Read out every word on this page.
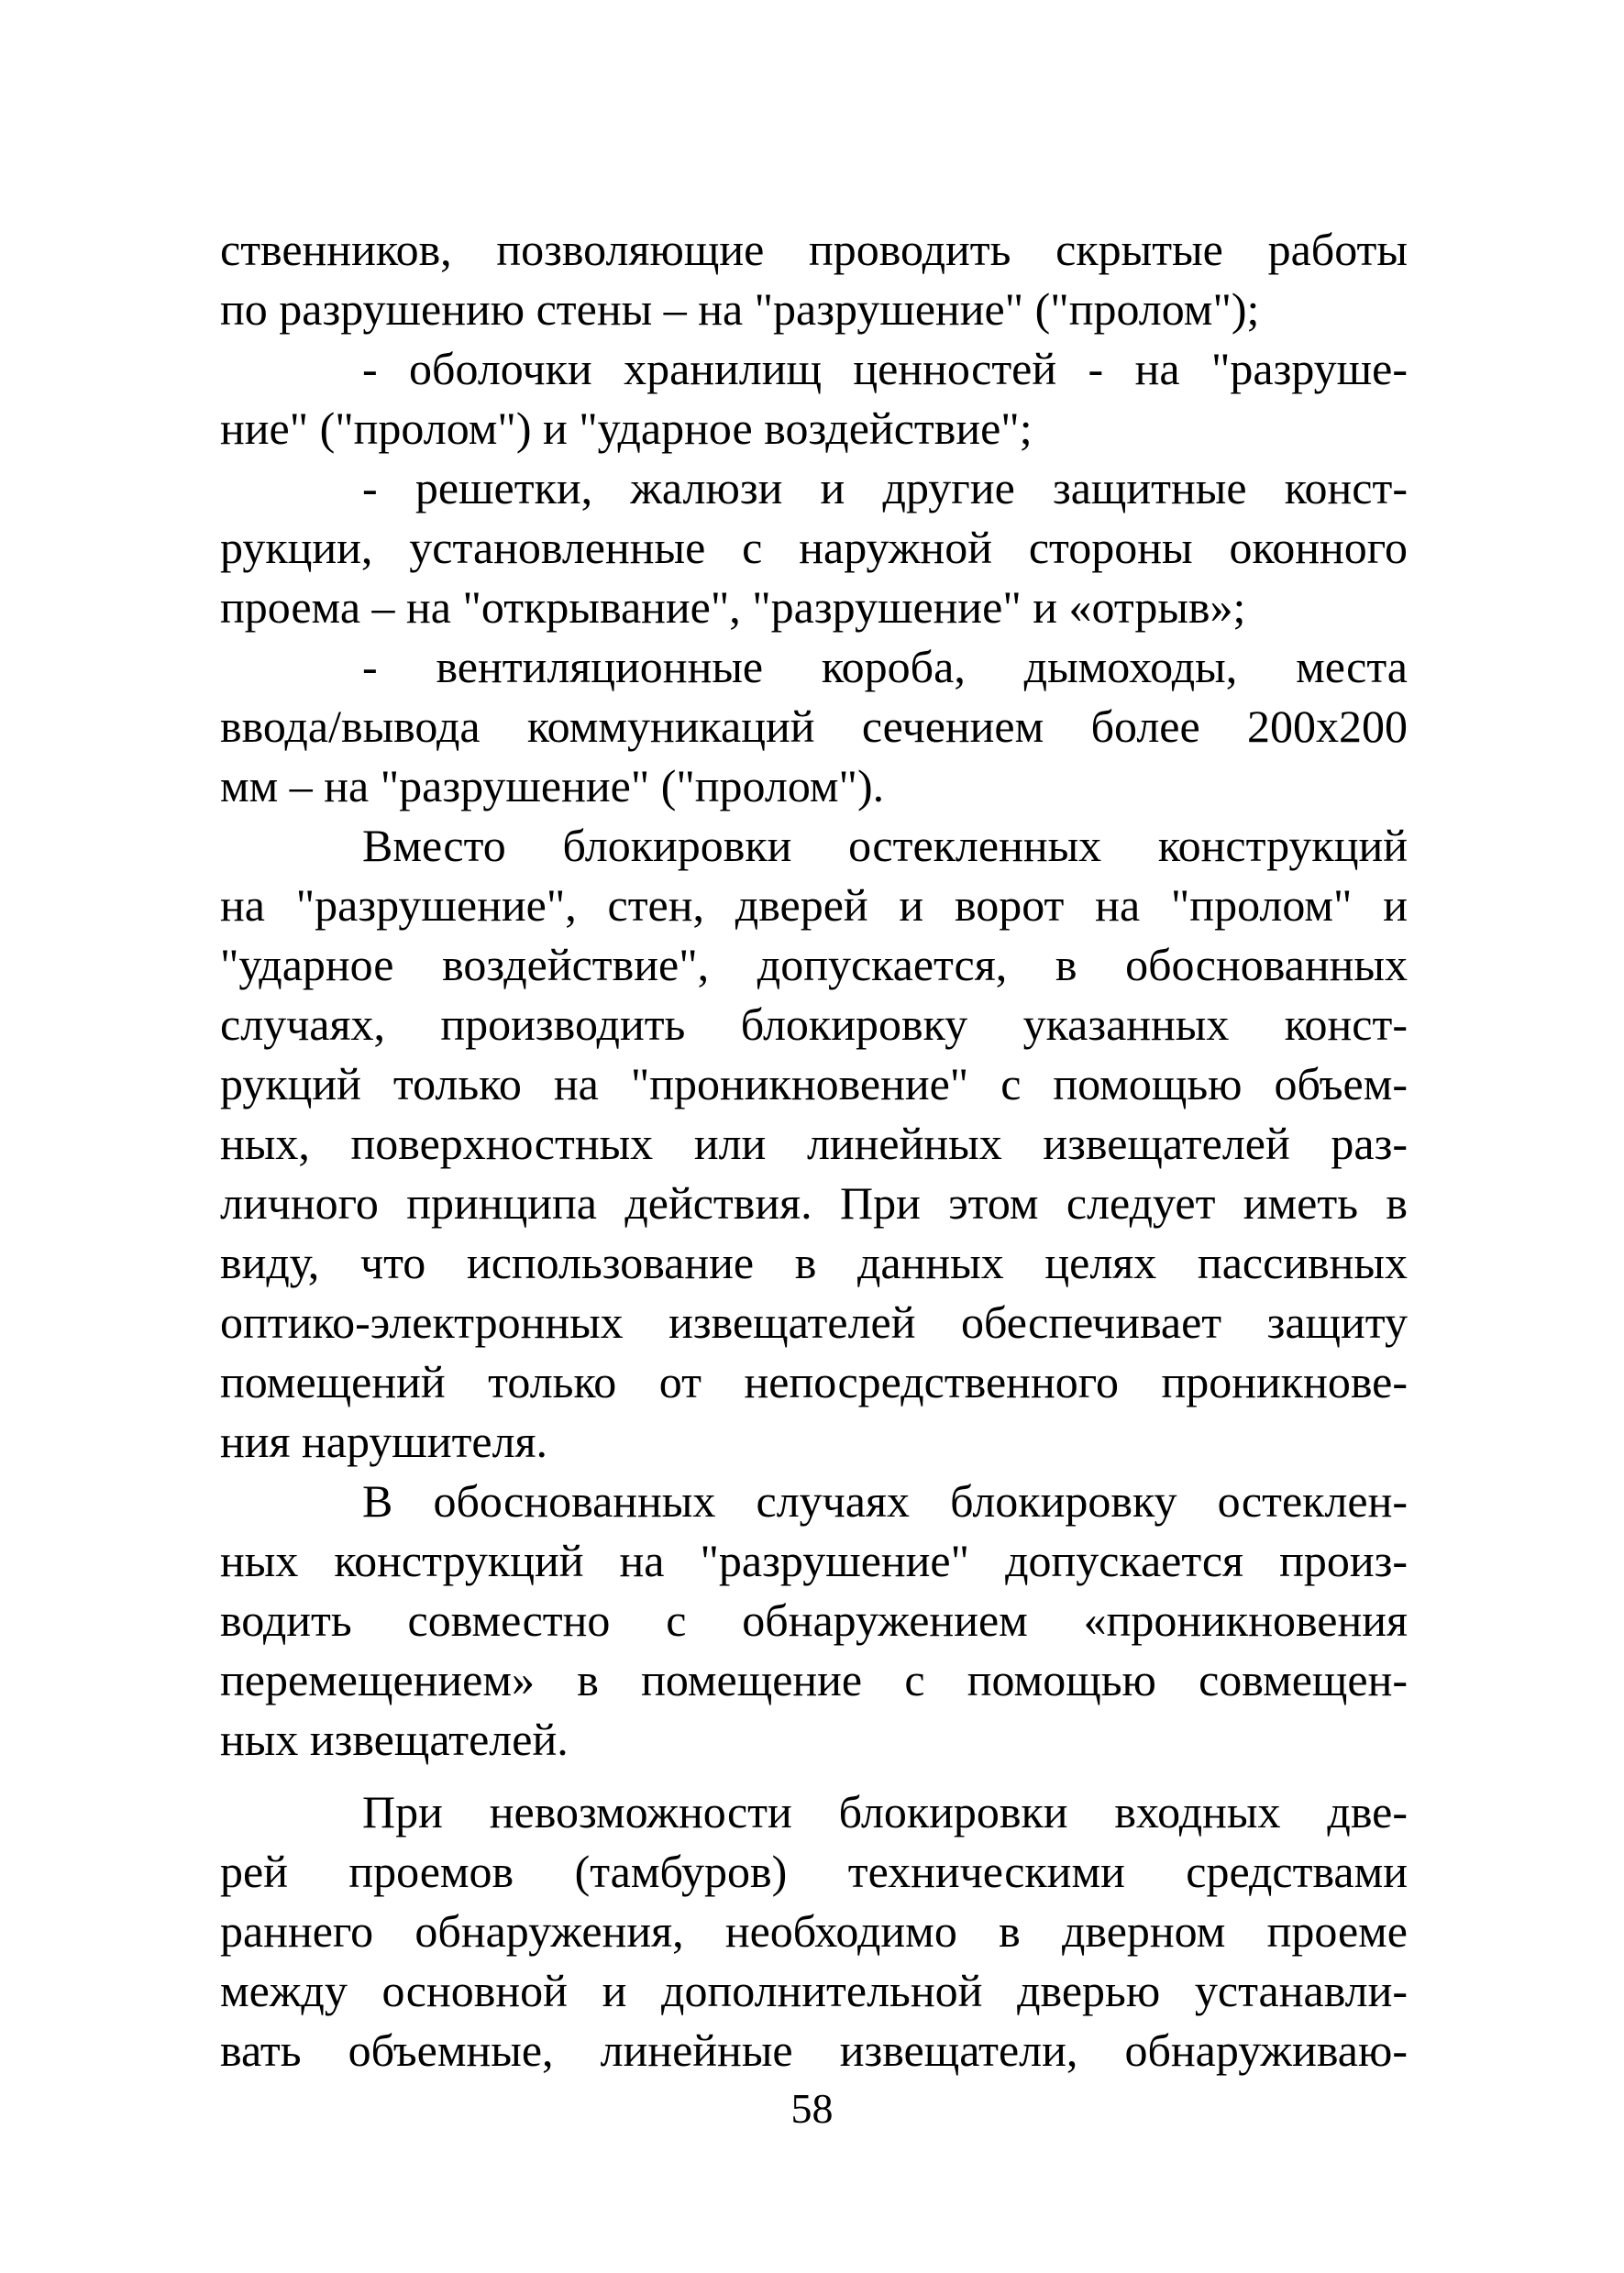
ственников, позволяющие проводить скрытые работы
по разрушению стены – на "разрушение" ("пролом");
- оболочки хранилищ ценностей - на "разруше-
ние" ("пролом") и "ударное воздействие";
- решетки, жалюзи и другие защитные конст-
рукции, установленные с наружной стороны оконного
проема – на "открывание", "разрушение" и «отрыв»;
- вентиляционные короба, дымоходы, места
ввода/вывода коммуникаций сечением более 200х200
мм – на "разрушение" ("пролом").
Вместо блокировки остекленных конструкций
на "разрушение", стен, дверей и ворот на "пролом" и
"ударное воздействие", допускается, в обоснованных
случаях, производить блокировку указанных конст-
рукций только на "проникновение" с помощью объем-
ных, поверхностных или линейных извещателей раз-
личного принципа действия. При этом следует иметь в
виду, что использование в данных целях пассивных
оптико-электронных извещателей обеспечивает защиту
помещений только от непосредственного проникнове-
ния нарушителя.
В обоснованных случаях блокировку остеклен-
ных конструкций на "разрушение" допускается произ-
водить совместно с обнаружением «проникновения
перемещением» в помещение с помощью совмещен-
ных извещателей.
При невозможности блокировки входных две-
рей проемов (тамбуров) техническими средствами
раннего обнаружения, необходимо в дверном проеме
между основной и дополнительной дверью устанавли-
вать объемные, линейные извещатели, обнаруживаю-
58
